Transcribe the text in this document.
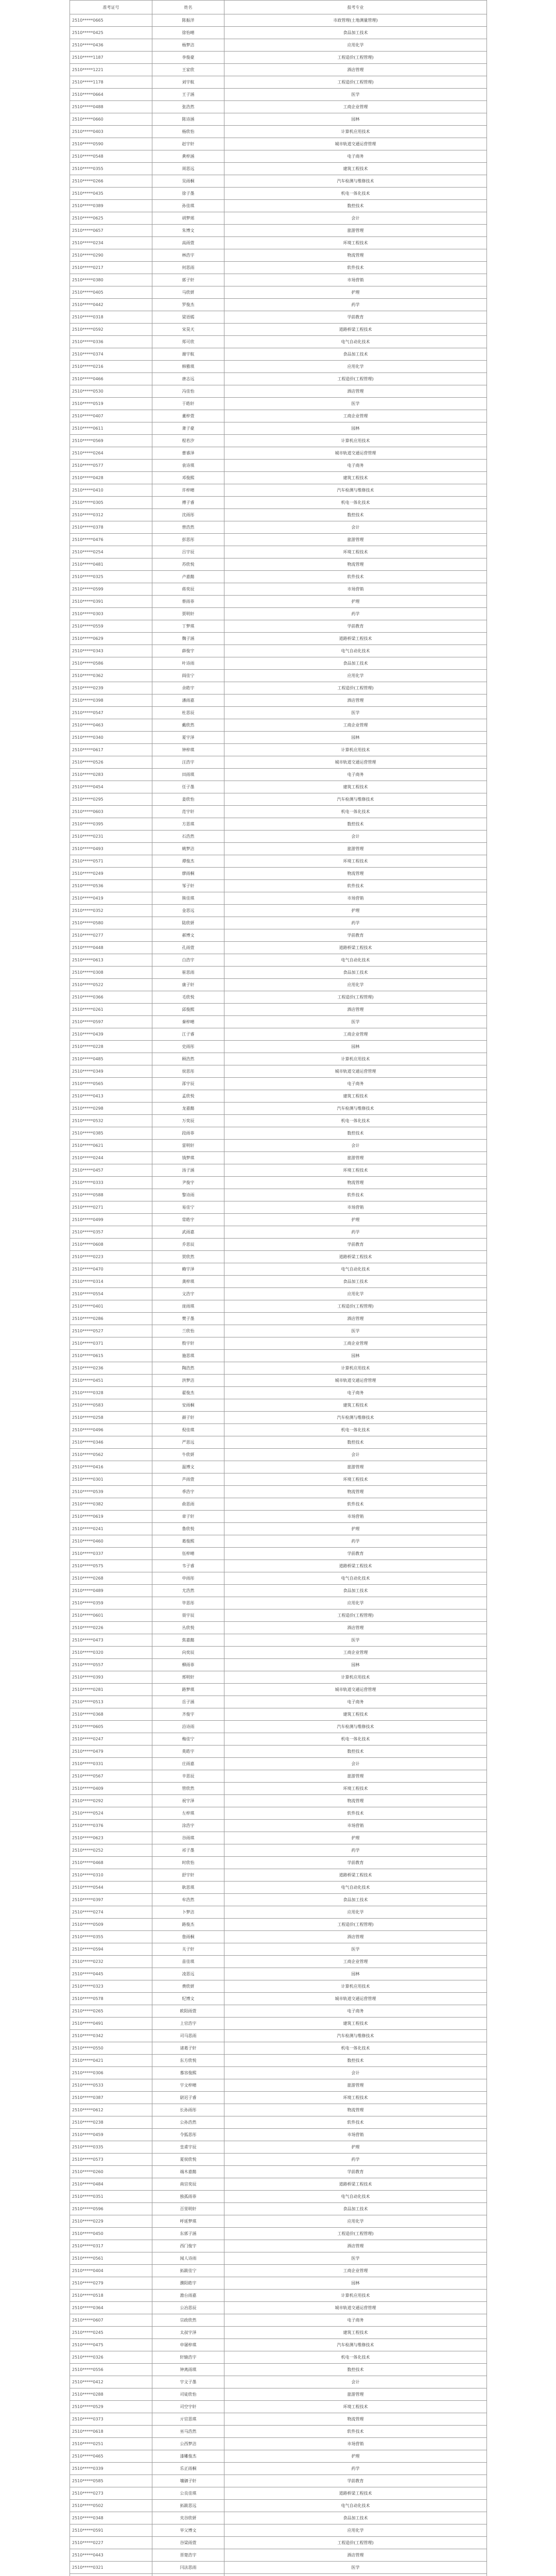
准考证号	姓名	报考专业
2510*****0665	陈振洋	市政管理(土地测量管理)
2510*****0425	徐怡晴	食品加工技术
2510*****0436	杨梦洁	应用化学
2510*****1187	李俊豪	工程造价(工程管理)
2510*****1221	王家欣	酒店管理
2510*****1178	刘宇航	工程造价(工程管理)
2510*****0664	王子涵	医学
2510*****0488	张浩然	工商企业管理
2510*****0660	陈诗涵	园林
2510*****0403	杨欣怡	计算机应用技术
2510*****0590	赵宇轩	城市轨道交通运营管理
2510*****0548	黄梓涵	电子商务
2510*****0355	周思远	建筑工程技术
2510*****0266	吴雨桐	汽车检测与维修技术
2510*****0435	徐子墨	机电一体化技术
2510*****0389	孙佳琪	数控技术
2510*****0625	胡梦瑶	会计
2510*****0657	朱博文	旅游管理
2510*****0234	高雨萱	环境工程技术
2510*****0290	林浩宇	物流管理
2510*****0217	何思雨	软件技术
2510*****0380	郭子轩	市场营销
2510*****0405	马欣妍	护理
2510*****0442	罗俊杰	药学
2510*****0318	梁语嫣	学前教育
2510*****0592	宋昊天	道路桥梁工程技术
2510*****0336	郑可欣	电气自动化技术
2510*****0374	谢宇航	食品加工技术
2510*****0216	韩雅琪	应用化学
2510*****0466	唐志远	工程造价(工程管理)
2510*****0530	冯佳怡	酒店管理
2510*****0519	于皓轩	医学
2510*****0407	董梓萱	工商企业管理
2510*****0611	萧子豪	园林
2510*****0569	程若汐	计算机应用技术
2510*****0264	曹睿泽	城市轨道交通运营管理
2510*****0577	袁诗琪	电子商务
2510*****0428	邓俊熙	建筑工程技术
2510*****0410	许梓晴	汽车检测与维修技术
2510*****0305	傅子睿	机电一体化技术
2510*****0312	沈雨彤	数控技术
2510*****0378	曾浩然	会计
2510*****0476	彭思彤	旅游管理
2510*****0254	吕宇辰	环境工程技术
2510*****0481	苏欣悦	物流管理
2510*****0325	卢嘉懿	软件技术
2510*****0599	蒋奕辰	市场营销
2510*****0391	蔡雨菲	护理
2510*****0303	贾明轩	药学
2510*****0559	丁梦琪	学前教育
2510*****0629	魏子涵	道路桥梁工程技术
2510*****0343	薛俊宇	电气自动化技术
2510*****0586	叶诗雨	食品加工技术
2510*****0362	阎佳宁	应用化学
2510*****0239	余皓宇	工程造价(工程管理)
2510*****0398	潘雨嘉	酒店管理
2510*****0547	杜思辰	医学
2510*****0463	戴欣然	工商企业管理
2510*****0340	夏宇泽	园林
2510*****0617	钟梓琪	计算机应用技术
2510*****0526	汪浩宇	城市轨道交通运营管理
2510*****0283	田雨琪	电子商务
2510*****0454	任子墨	建筑工程技术
2510*****0295	姜欣怡	汽车检测与维修技术
2510*****0603	范宇轩	机电一体化技术
2510*****0395	方思琪	数控技术
2510*****0231	石浩然	会计
2510*****0493	姚梦洁	旅游管理
2510*****0571	谭俊杰	环境工程技术
2510*****0249	廖雨桐	物流管理
2510*****0536	邹子轩	软件技术
2510*****0419	熊佳琪	市场营销
2510*****0352	金思远	护理
2510*****0580	陆欣妍	药学
2510*****0277	郝博文	学前教育
2510*****0448	孔雨萱	道路桥梁工程技术
2510*****0613	白浩宇	电气自动化技术
2510*****0308	崔思雨	食品加工技术
2510*****0522	康子轩	应用化学
2510*****0366	毛欣悦	工程造价(工程管理)
2510*****0261	邱俊熙	酒店管理
2510*****0597	秦梓晴	医学
2510*****0439	江子睿	工商企业管理
2510*****0228	史雨彤	园林
2510*****0485	顾浩然	计算机应用技术
2510*****0349	侯思彤	城市轨道交通运营管理
2510*****0565	邵宇辰	电子商务
2510*****0413	孟欣悦	建筑工程技术
2510*****0298	龙嘉懿	汽车检测与维修技术
2510*****0532	万奕辰	机电一体化技术
2510*****0385	段雨菲	数控技术
2510*****0621	雷明轩	会计
2510*****0244	钱梦琪	旅游管理
2510*****0457	汤子涵	环境工程技术
2510*****0333	尹俊宇	物流管理
2510*****0588	黎诗雨	软件技术
2510*****0271	易佳宁	市场营销
2510*****0499	常皓宇	护理
2510*****0357	武雨嘉	药学
2510*****0608	乔思辰	学前教育
2510*****0223	贺欣然	道路桥梁工程技术
2510*****0470	赖宇泽	电气自动化技术
2510*****0314	龚梓琪	食品加工技术
2510*****0554	文浩宇	应用化学
2510*****0401	庞雨琪	工程造价(工程管理)
2510*****0286	樊子墨	酒店管理
2510*****0527	兰欣怡	医学
2510*****0371	殷宇轩	工商企业管理
2510*****0615	施思琪	园林
2510*****0236	陶浩然	计算机应用技术
2510*****0451	洪梦洁	城市轨道交通运营管理
2510*****0328	翟俊杰	电子商务
2510*****0583	安雨桐	建筑工程技术
2510*****0258	颜子轩	汽车检测与维修技术
2510*****0496	倪佳琪	机电一体化技术
2510*****0346	严思远	数控技术
2510*****0562	牛欣妍	会计
2510*****0416	温博文	旅游管理
2510*****0301	芦雨萱	环境工程技术
2510*****0539	季浩宇	物流管理
2510*****0382	俞思雨	软件技术
2510*****0619	章子轩	市场营销
2510*****0241	鲁欣悦	护理
2510*****0460	葛俊熙	药学
2510*****0337	伍梓晴	学前教育
2510*****0575	韦子睿	道路桥梁工程技术
2510*****0268	申雨彤	电气自动化技术
2510*****0489	尤浩然	食品加工技术
2510*****0359	毕思彤	应用化学
2510*****0601	聂宇辰	工程造价(工程管理)
2510*****0226	丛欣悦	酒店管理
2510*****0473	焦嘉懿	医学
2510*****0320	向奕辰	工商企业管理
2510*****0557	柳雨菲	园林
2510*****0393	邢明轩	计算机应用技术
2510*****0281	路梦琪	城市轨道交通运营管理
2510*****0513	岳子涵	电子商务
2510*****0368	齐俊宇	建筑工程技术
2510*****0605	沿诗雨	汽车检测与维修技术
2510*****0247	梅佳宁	机电一体化技术
2510*****0479	莫皓宇	数控技术
2510*****0331	庄雨嘉	会计
2510*****0567	辛思辰	旅游管理
2510*****0409	管欣然	环境工程技术
2510*****0292	祝宇泽	物流管理
2510*****0524	左梓琪	软件技术
2510*****0376	涂浩宇	市场营销
2510*****0623	谷雨琪	护理
2510*****0252	祁子墨	药学
2510*****0468	时欣怡	学前教育
2510*****0310	舒宇轩	道路桥梁工程技术
2510*****0544	耿思琪	电气自动化技术
2510*****0397	牟浩然	食品加工技术
2510*****0274	卜梦洁	应用化学
2510*****0509	路俊杰	工程造价(工程管理)
2510*****0355	詹雨桐	酒店管理
2510*****0594	关子轩	医学
2510*****0232	苗佳琪	工商企业管理
2510*****0445	凌思远	园林
2510*****0323	费欣妍	计算机应用技术
2510*****0578	纪博文	城市轨道交通运营管理
2510*****0265	欧阳雨萱	电子商务
2510*****0491	上官浩宇	建筑工程技术
2510*****0342	司马思雨	汽车检测与维修技术
2510*****0550	诸葛子轩	机电一体化技术
2510*****0421	东方欣悦	数控技术
2510*****0306	慕容俊熙	会计
2510*****0533	宇文梓晴	旅游管理
2510*****0387	尉迟子睿	环境工程技术
2510*****0612	长孙雨彤	物流管理
2510*****0238	公孙浩然	软件技术
2510*****0459	令狐思彤	市场营销
2510*****0335	皇甫宇辰	护理
2510*****0573	夏侯欣悦	药学
2510*****0260	端木嘉懿	学前教育
2510*****0484	南宫奕辰	道路桥梁工程技术
2510*****0351	独孤雨菲	电气自动化技术
2510*****0596	百里明轩	食品加工技术
2510*****0229	呼延梦琪	应用化学
2510*****0450	东郭子涵	工程造价(工程管理)
2510*****0317	西门俊宇	酒店管理
2510*****0561	闻人诗雨	医学
2510*****0404	拓跋佳宁	工商企业管理
2510*****0279	濮阳皓宇	园林
2510*****0518	澹台雨嘉	计算机应用技术
2510*****0364	公冶思辰	城市轨道交通运营管理
2510*****0607	宗政欣然	电子商务
2510*****0245	太叔宇泽	建筑工程技术
2510*****0475	申屠梓琪	汽车检测与维修技术
2510*****0326	轩辕浩宇	机电一体化技术
2510*****0556	钟离雨琪	数控技术
2510*****0412	宇文子墨	会计
2510*****0288	司徒欣怡	旅游管理
2510*****0529	司空宇轩	环境工程技术
2510*****0373	亓官思琪	物流管理
2510*****0618	巫马浩然	软件技术
2510*****0251	公西梦洁	市场营销
2510*****0465	漆雕俊杰	护理
2510*****0339	乐正雨桐	药学
2510*****0585	壤驷子轩	学前教育
2510*****0273	公良佳琪	道路桥梁工程技术
2510*****0502	拓跋思远	电气自动化技术
2510*****0348	夹谷欣妍	食品加工技术
2510*****0591	宰父博文	应用化学
2510*****0227	谷梁雨萱	工程造价(工程管理)
2510*****0443	晋楚浩宇	酒店管理
2510*****0321	闫法思雨	医学
